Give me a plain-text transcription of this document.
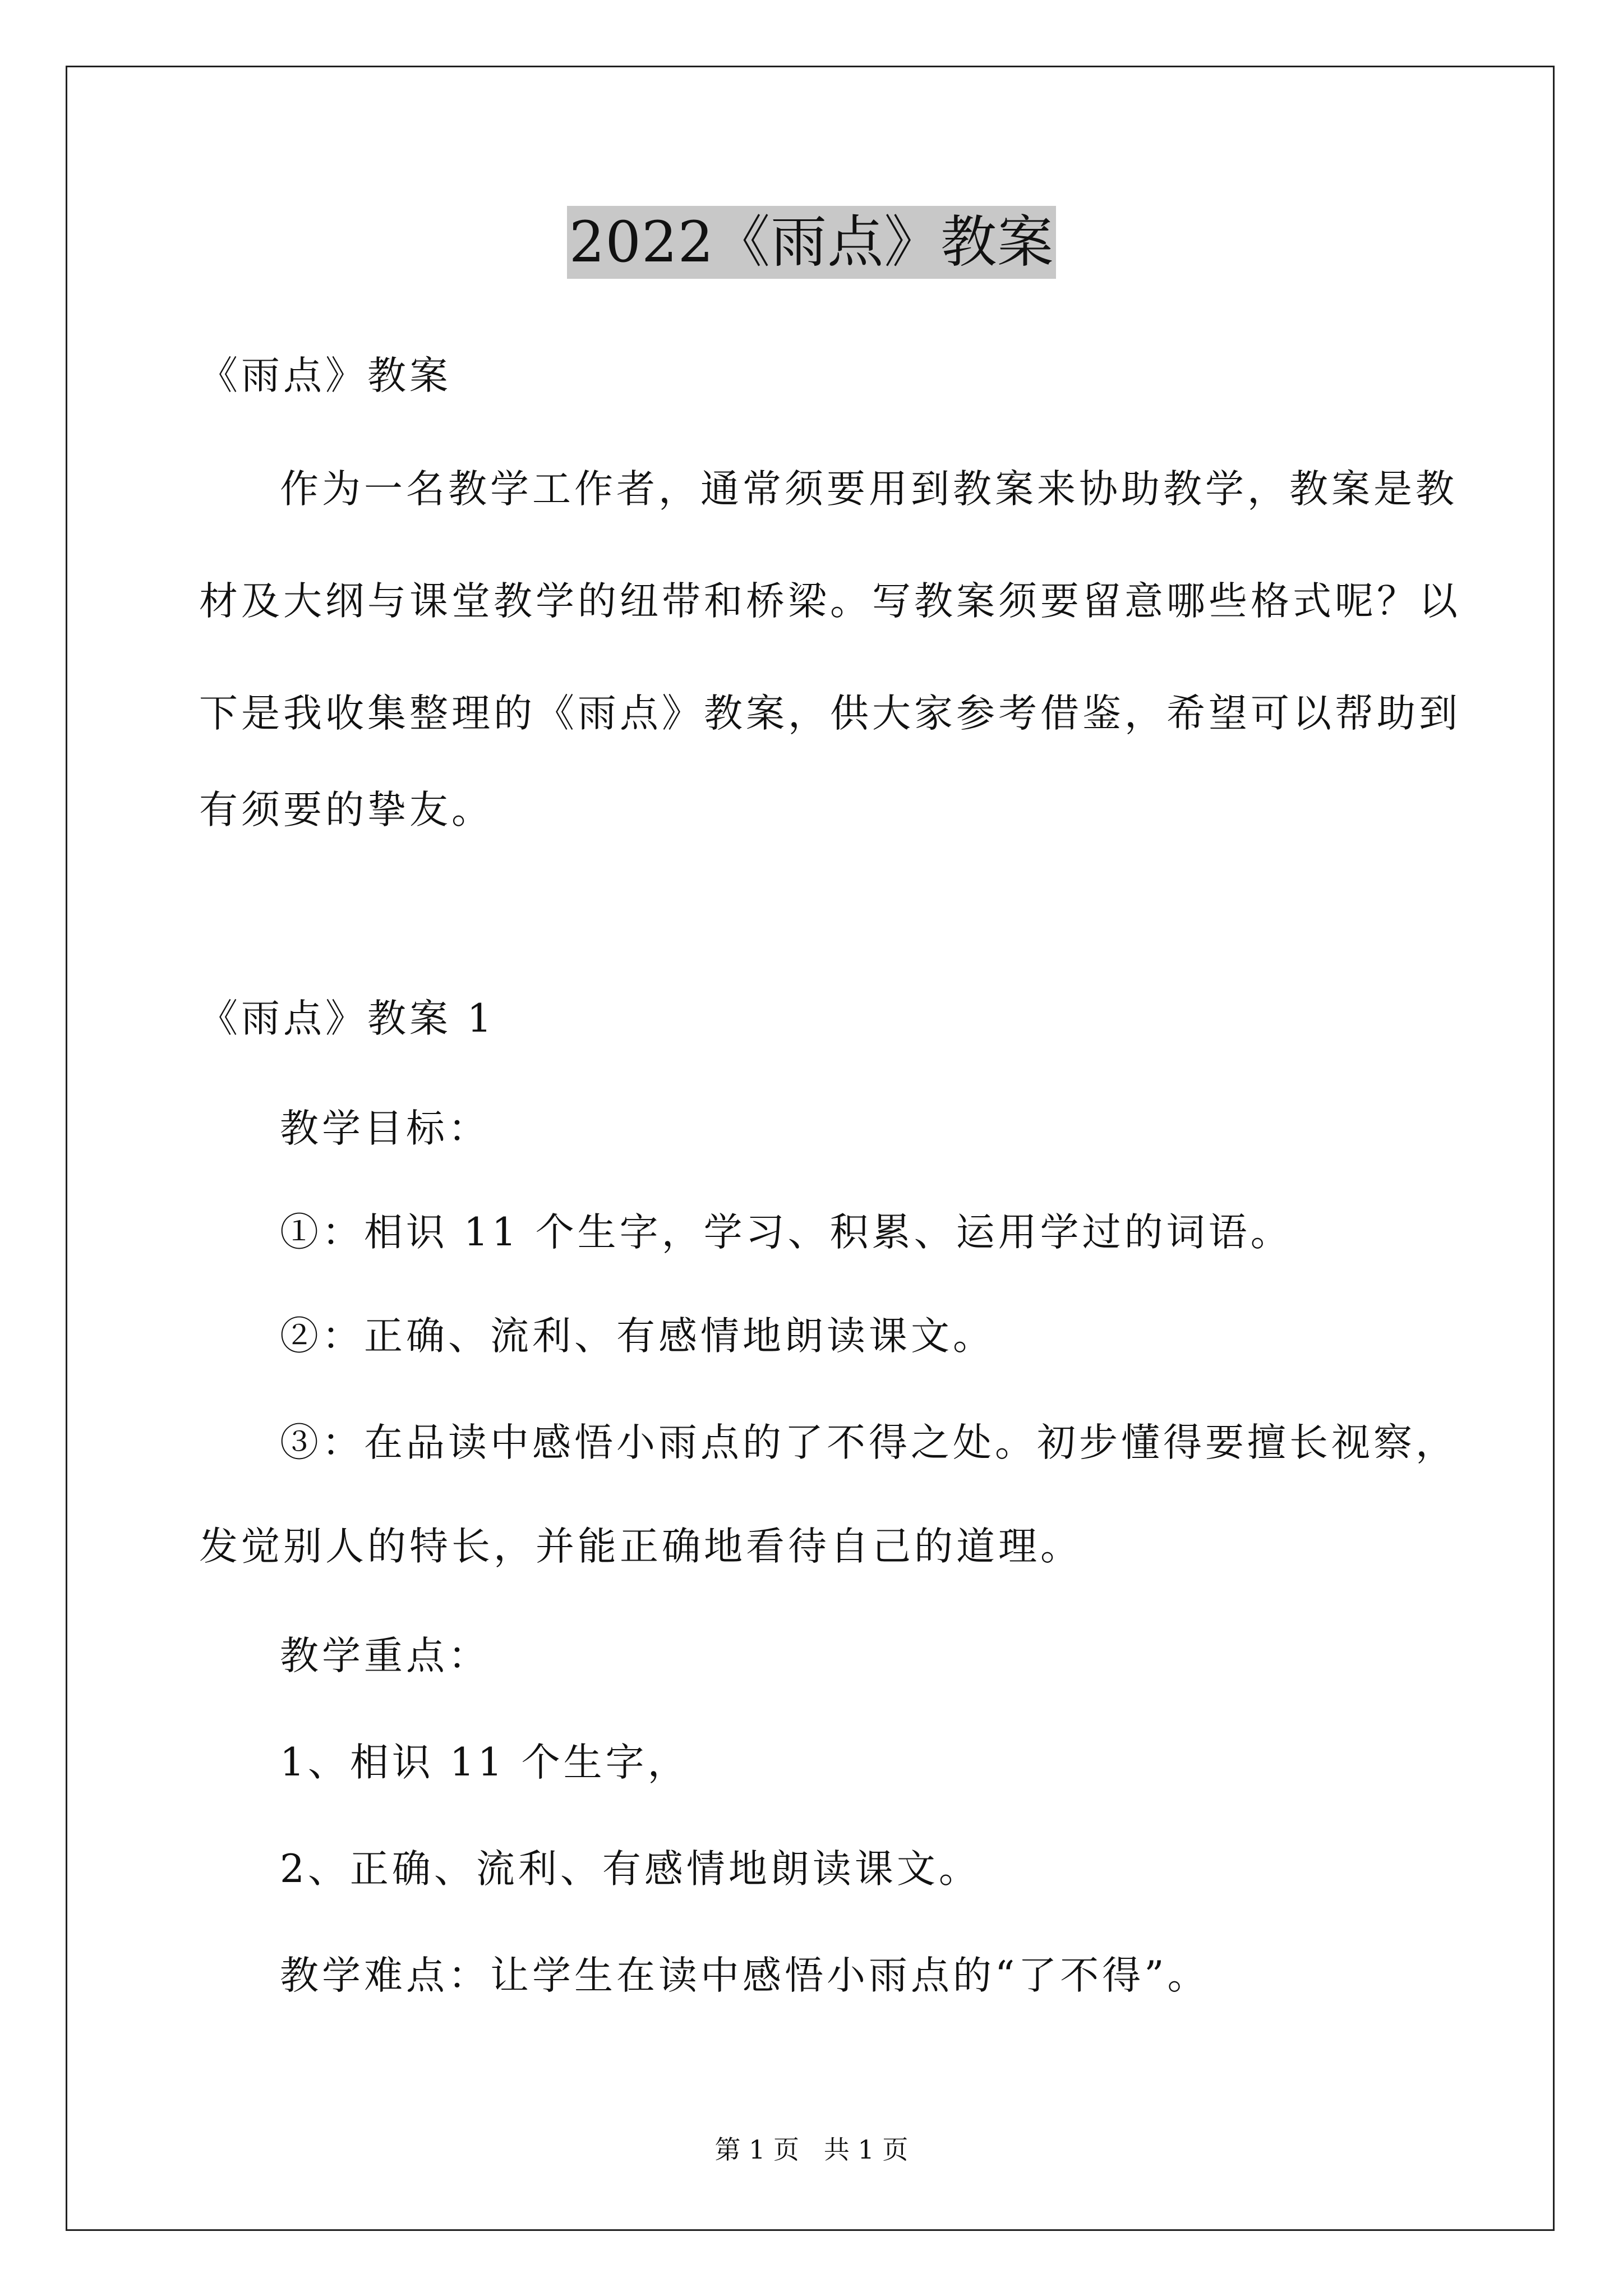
2022《雨点》教案
《雨点》教案
作为一名教学工作者，通常须要用到教案来协助教学，教案是教
材及大纲与课堂教学的纽带和桥梁。写教案须要留意哪些格式呢？以
下是我收集整理的《雨点》教案，供大家参考借鉴，希望可以帮助到
有须要的挚友。
《雨点》教案 1
教学目标：
①：相识 11 个生字，学习、积累、运用学过的词语。
②：正确、流利、有感情地朗读课文。
③：在品读中感悟小雨点的了不得之处。初步懂得要擅长视察，
发觉别人的特长，并能正确地看待自己的道理。
教学重点：
1、相识 11 个生字，
2、正确、流利、有感情地朗读课文。
教学难点：让学生在读中感悟小雨点的“了不得”。
第 1 页   共 1 页
